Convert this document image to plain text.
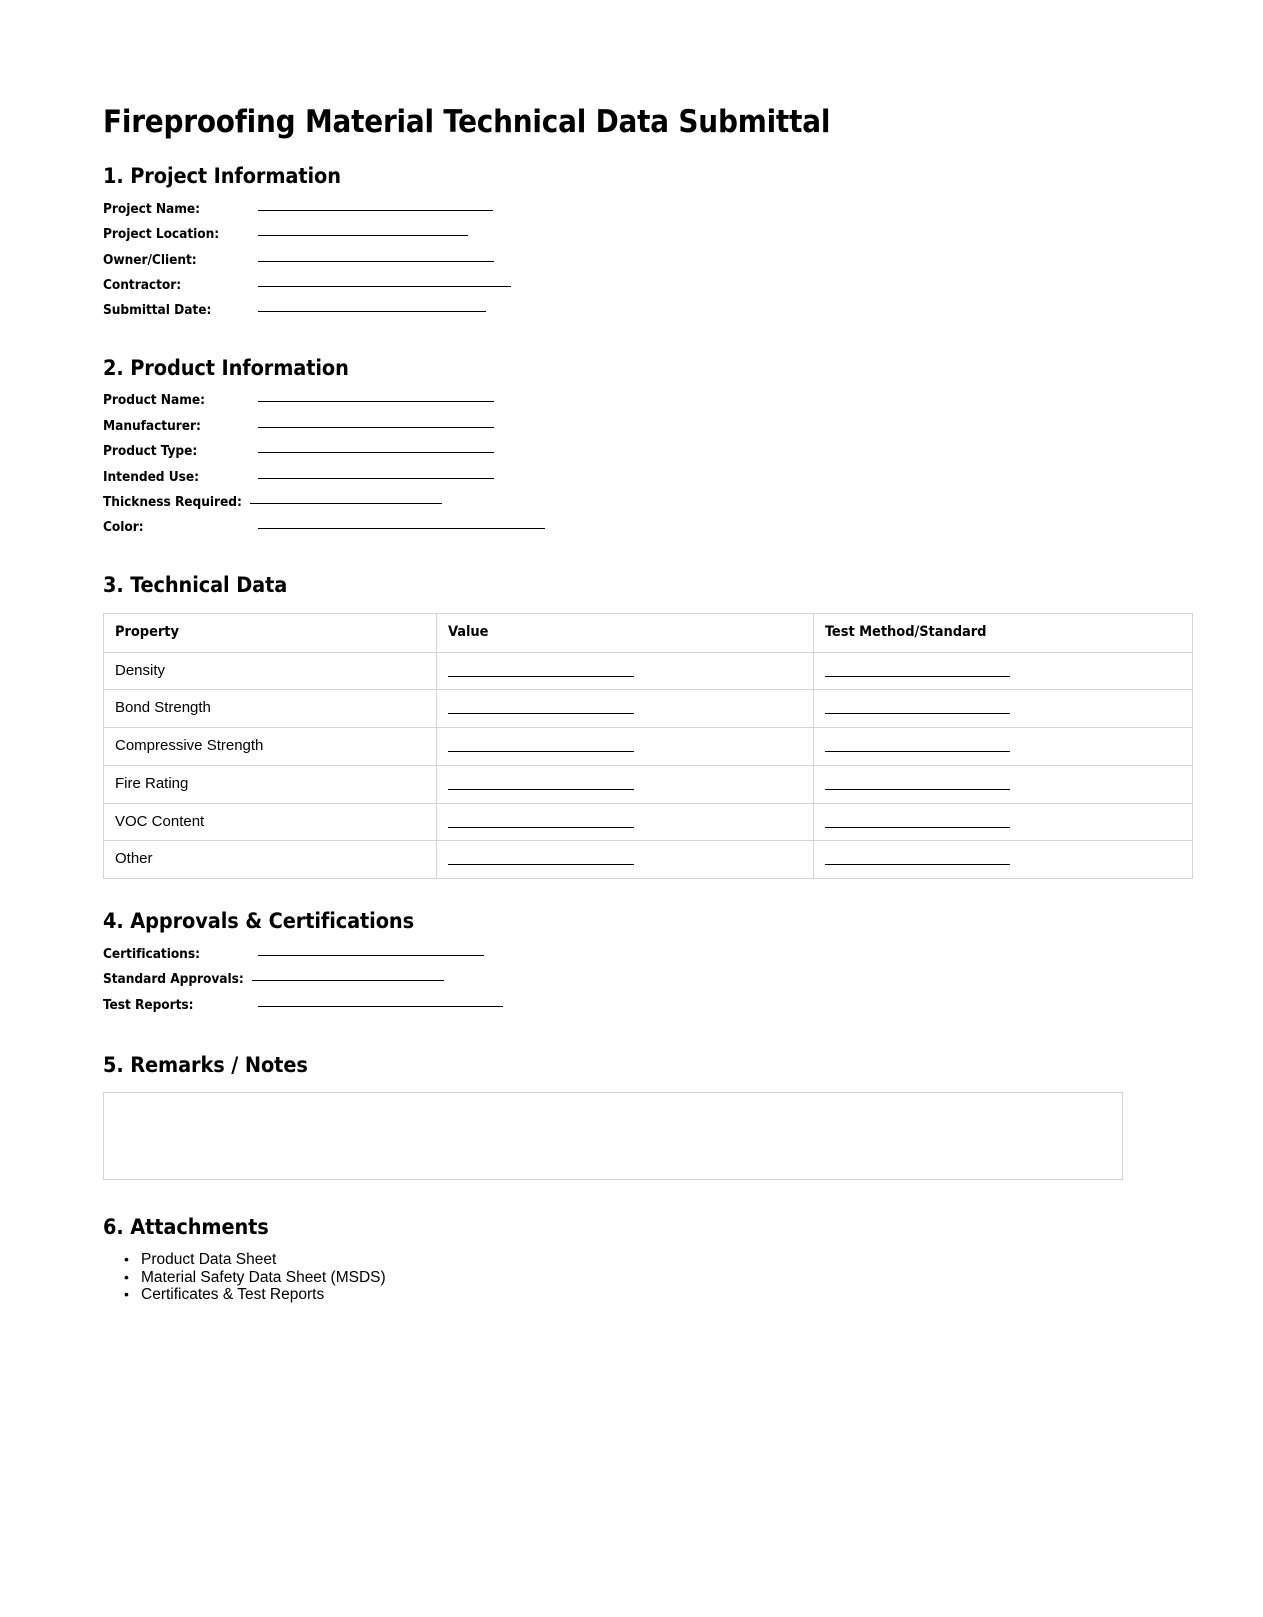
Fireproofing Material Technical Data Submittal
1. Project Information
Project Name:
Project Location:
Owner/Client:
Contractor:
Submittal Date:
2. Product Information
Product Name:
Manufacturer:
Product Type:
Intended Use:
Thickness Required:
Color:
3. Technical Data
Property	Value	Test Method/Standard
Density	

Bond Strength	

Compressive Strength	

Fire Rating	

VOC Content	

Other	

4. Approvals & Certifications
Certifications:
Standard Approvals:
Test Reports:
5. Remarks / Notes
6. Attachments
• Product Data Sheet
• Material Safety Data Sheet (MSDS)
• Certificates & Test Reports
